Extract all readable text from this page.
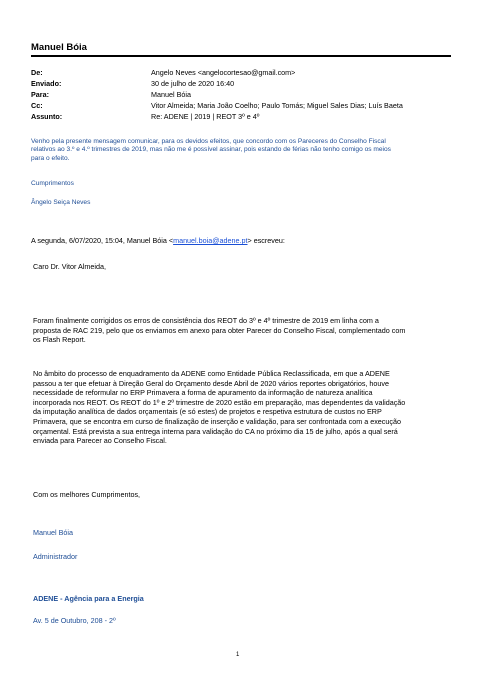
Manuel Bóia
De:	Angelo Neves <angelocortesao@gmail.com>
Enviado:	30 de julho de 2020 16:40
Para:	Manuel Bóia
Cc:	Vitor Almeida; Maria João Coelho; Paulo Tomás; Miguel Sales Dias; Luís Baeta
Assunto:	Re: ADENE | 2019 | REOT 3º e 4º
Venho pela presente mensagem comunicar, para os devidos efeitos, que concordo com os Pareceres do Conselho Fiscal
relativos ao 3.º e 4.º trimestres de 2019, mas não me é possível assinar, pois estando de férias não tenho comigo os meios
para o efeito.
Cumprimentos
Ângelo Seiça Neves
A segunda, 6/07/2020, 15:04, Manuel Bóia <manuel.boia@adene.pt> escreveu:
Caro Dr. Vitor Almeida,
Foram finalmente corrigidos os erros de consistência dos REOT do 3º e 4º trimestre de 2019 em linha com a
proposta de RAC 219, pelo que os enviamos em anexo para obter Parecer do Conselho Fiscal, complementado com
os Flash Report.
No âmbito do processo de enquadramento da ADENE como Entidade Pública Reclassificada, em que a ADENE
passou a ter que efetuar à Direção Geral do Orçamento desde Abril de 2020 vários reportes obrigatórios, houve
necessidade de reformular no ERP Primavera a forma de apuramento da informação de natureza analítica
incorporada nos REOT. Os REOT do 1º e 2º trimestre de 2020 estão em preparação, mas dependentes da validação
da imputação analítica de dados orçamentais (e só estes) de projetos e respetiva estrutura de custos no ERP
Primavera, que se encontra em curso de finalização de inserção e validação, para ser confrontada com a execução
orçamental. Está prevista a sua entrega interna para validação do CA no próximo dia 15 de julho, após a qual será
enviada para Parecer ao Conselho Fiscal.
Com os melhores Cumprimentos,
Manuel Bóia
Administrador
ADENE - Agência para a Energia
Av. 5 de Outubro, 208 - 2º
1
